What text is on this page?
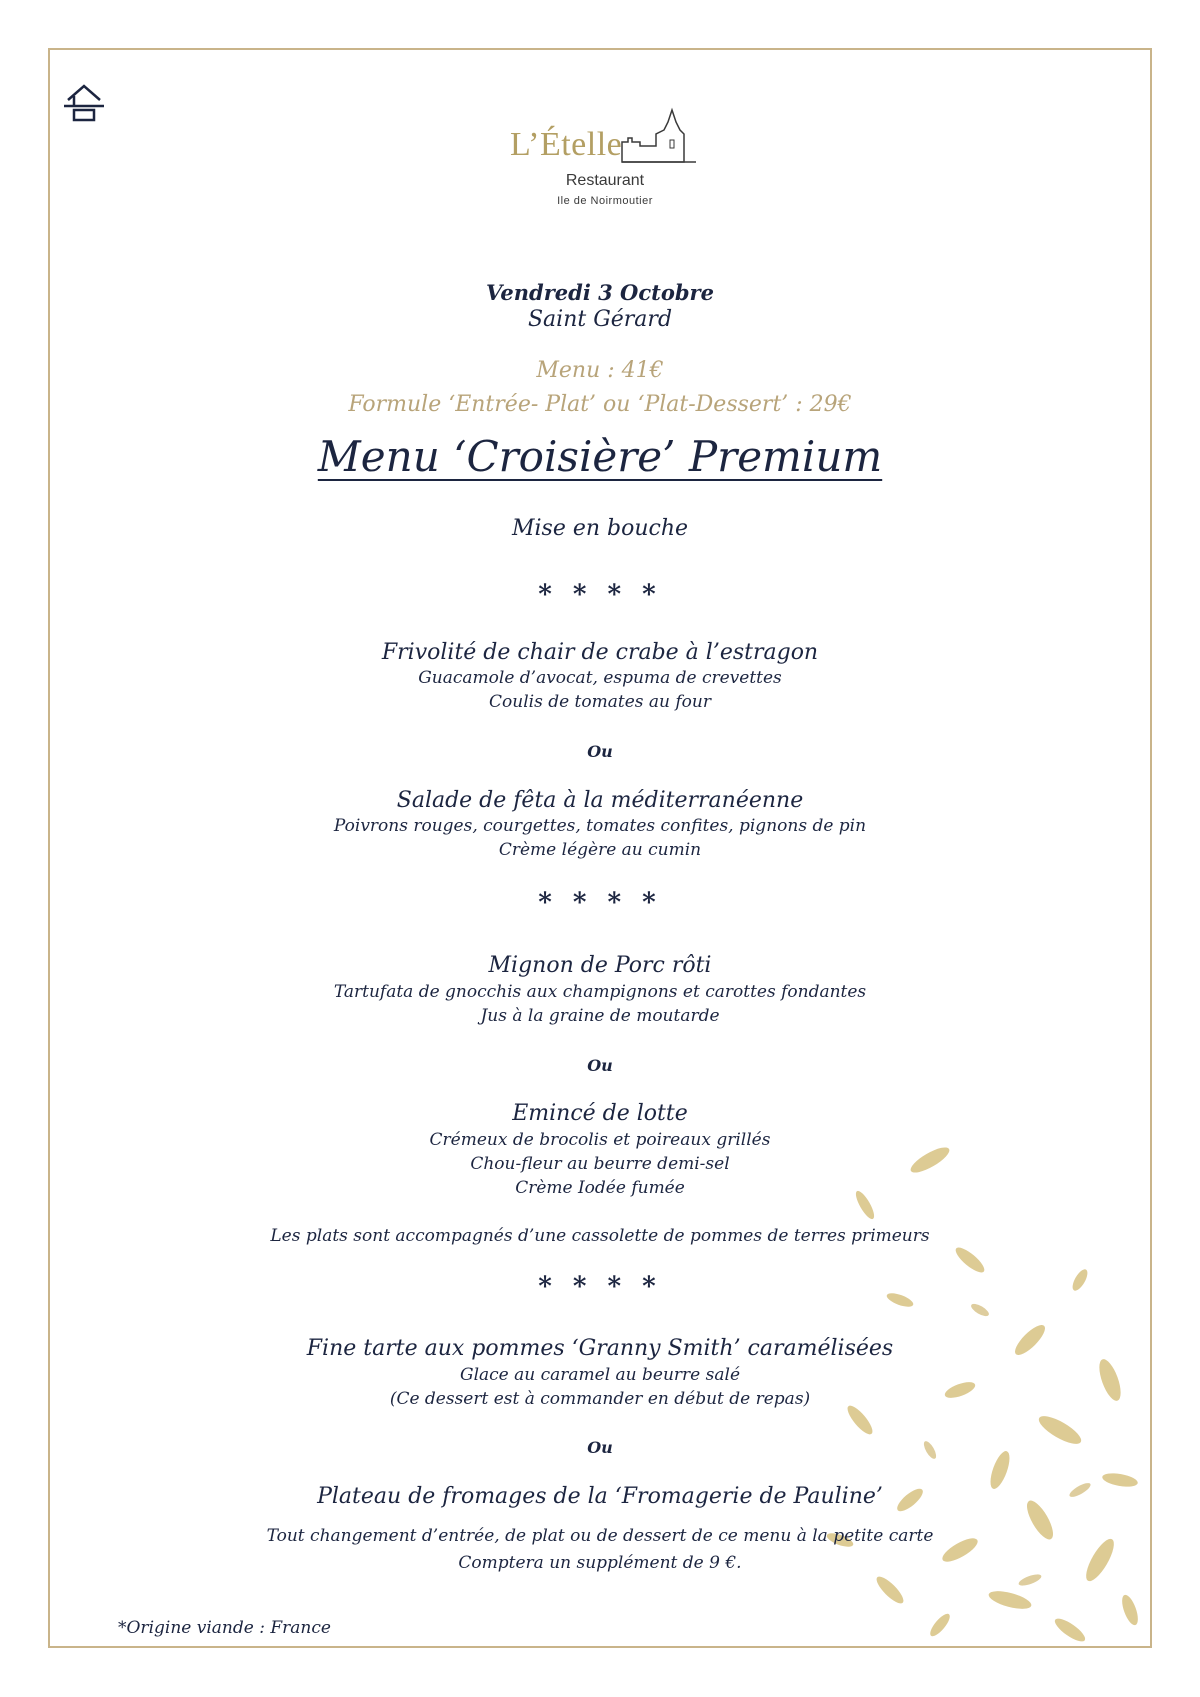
L’Ételle
Restaurant
Ile de Noirmoutier

Vendredi 3 Octobre

Saint Gérard

Menu : 41€

Formule ‘Entrée- Plat’ ou ‘Plat-Dessert’ : 29€

Menu ‘Croisière’ Premium

Mise en bouche

* * * *

Frivolité de chair de crabe à l’estragon

Guacamole d’avocat, espuma de crevettes

Coulis de tomates au four

Ou

Salade de fêta à la méditerranéenne

Poivrons rouges, courgettes, tomates confites, pignons de pin

Crème légère au cumin

* * * *

Mignon de Porc rôti

Tartufata de gnocchis aux champignons et carottes fondantes

Jus à la graine de moutarde

Ou

Emincé de lotte

Crémeux de brocolis et poireaux grillés

Chou-fleur au beurre demi-sel

Crème Iodée fumée

Les plats sont accompagnés d’une cassolette de pommes de terres primeurs

* * * *

Fine tarte aux pommes ‘Granny Smith’ caramélisées

Glace au caramel au beurre salé

(Ce dessert est à commander en début de repas)

Ou

Plateau de fromages de la ‘Fromagerie de Pauline’

Tout changement d’entrée, de plat ou de dessert de ce menu à la petite carte

Comptera un supplément de 9 €.

*Origine viande : France
